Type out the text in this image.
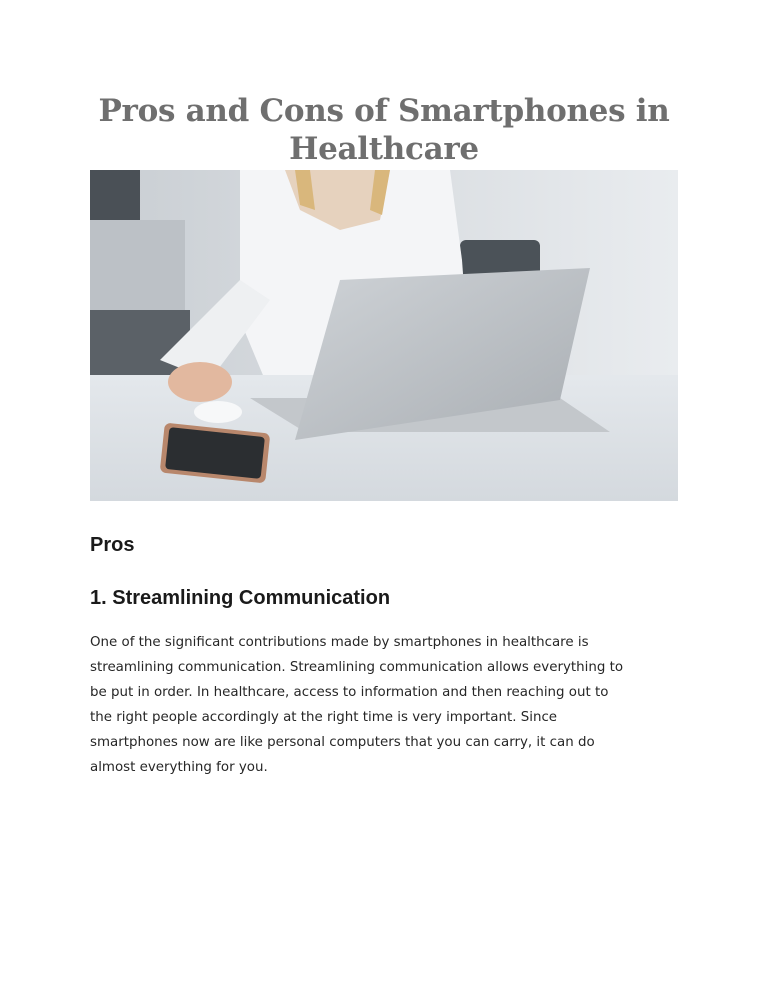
Pros and Cons of Smartphones in Healthcare
Pros
1. Streamlining Communication
One of the significant contributions made by smartphones in healthcare is
streamlining communication. Streamlining communication allows everything to
be put in order. In healthcare, access to information and then reaching out to
the right people accordingly at the right time is very important. Since
smartphones now are like personal computers that you can carry, it can do
almost everything for you.
